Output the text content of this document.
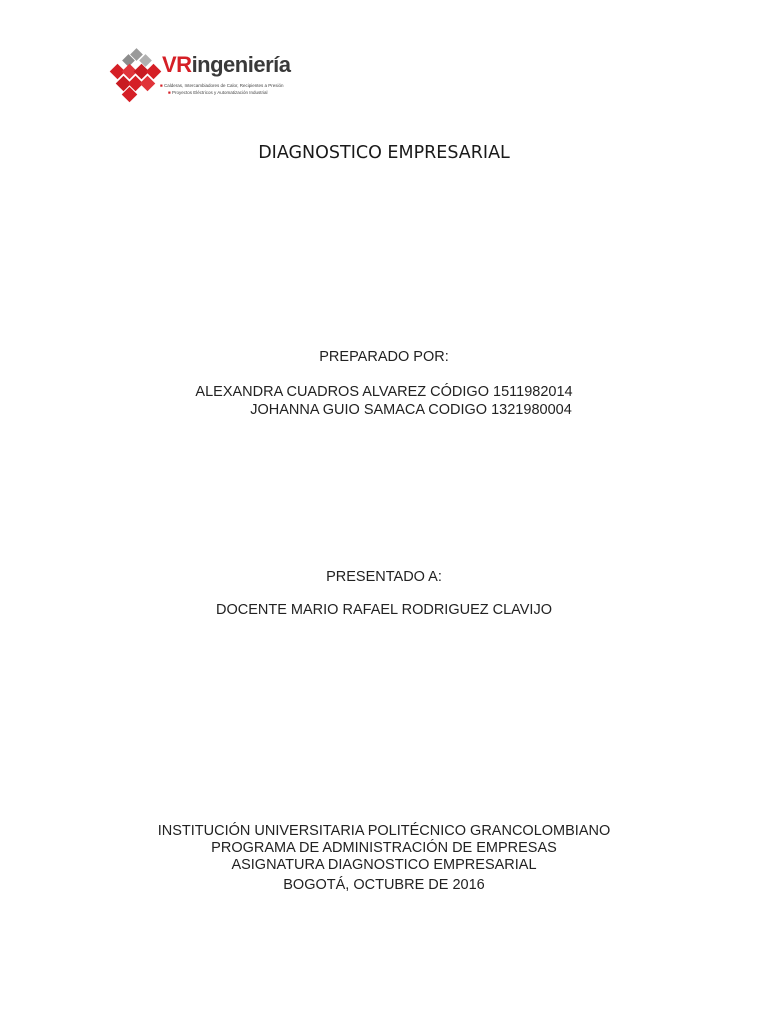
VRingeniería
■ Calderas, Intercambiadores de Calor, Recipientes a Presión
■ Proyectos Eléctricos y Automatización Industrial
DIAGNOSTICO EMPRESARIAL
PREPARADO POR:
ALEXANDRA CUADROS ALVAREZ CÓDIGO 1511982014
JOHANNA GUIO SAMACA CODIGO 1321980004
PRESENTADO A:
DOCENTE MARIO RAFAEL RODRIGUEZ CLAVIJO
INSTITUCIÓN UNIVERSITARIA POLITÉCNICO GRANCOLOMBIANO
PROGRAMA DE ADMINISTRACIÓN DE EMPRESAS
ASIGNATURA DIAGNOSTICO EMPRESARIAL
BOGOTÁ, OCTUBRE DE 2016
